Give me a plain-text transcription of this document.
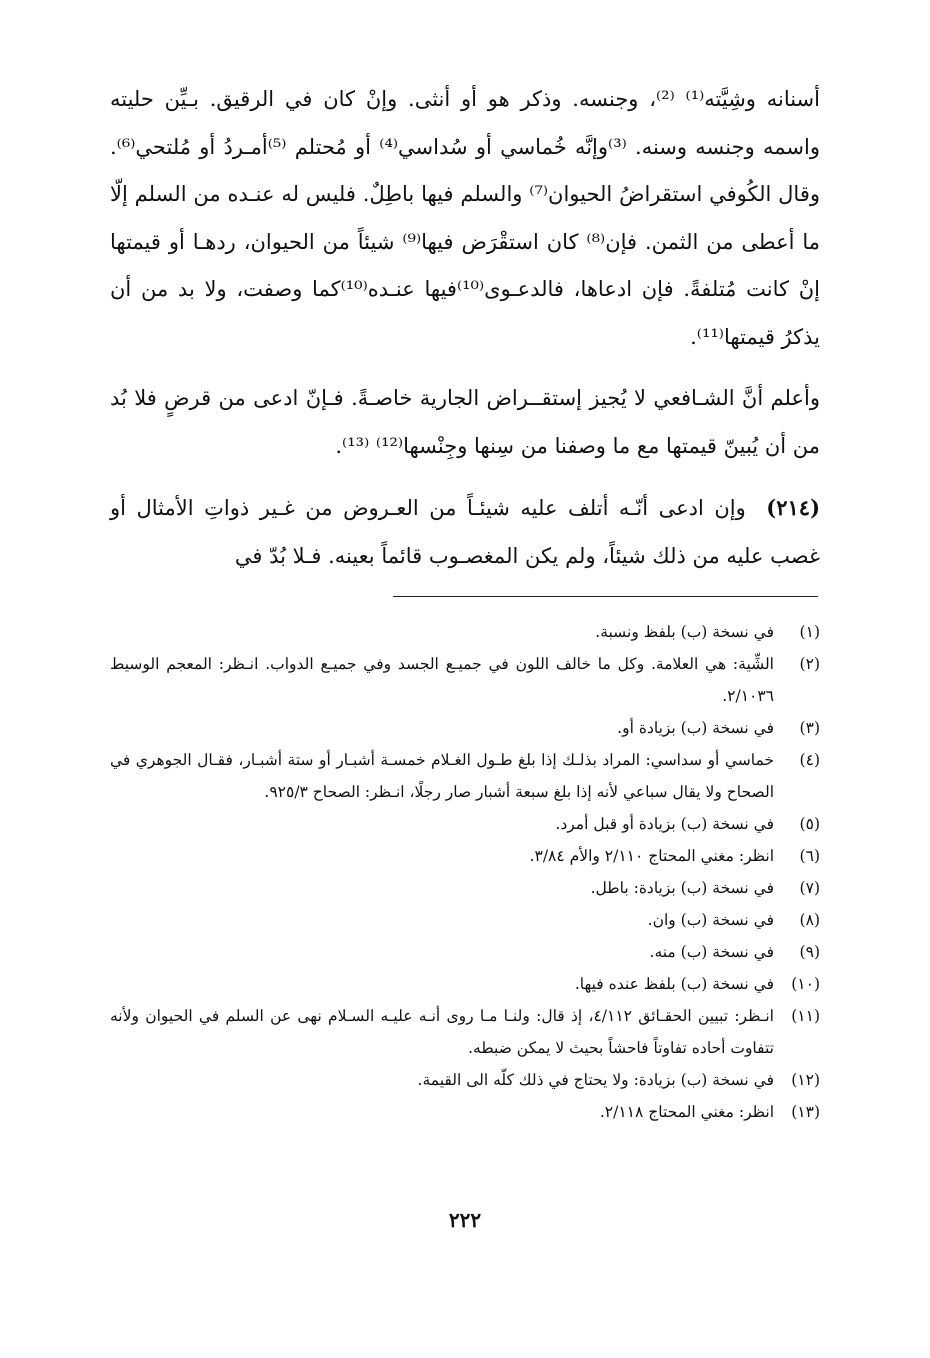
أسنانه وشِيَّته⁽¹⁾ ⁽²⁾، وجنسه. وذكر هو أو أنثى. وإنْ كان في الرقيق. بـيِّن حليته واسمه وجنسه وسنه. ⁽³⁾وإنَّه خُماسي أو سُداسي⁽⁴⁾ أو مُحتلم ⁽⁵⁾أمـردُ أو مُلتحي⁽⁶⁾. وقال الكُوفي استقراضُ الحيوان⁽⁷⁾ والسلم فيها باطِلٌ. فليس له عنـده من السلم إلّا ما أعطى من الثمن. فإن⁽⁸⁾ كان استقْرَض فيها⁽⁹⁾ شيئاً من الحيوان، ردهـا أو قيمتها إنْ كانت مُتلفةً. فإن ادعاها، فالدعـوى⁽¹⁰⁾فيها عنـده⁽¹⁰⁾كما وصفت، ولا بد من أن يذكرُ قيمتها⁽¹¹⁾.

وأعلم أنَّ الشـافعي لا يُجيز إستقــراض الجارية خاصـةً. فـإنّ ادعى من قرضٍ فلا بُد من أن يُبينّ قيمتها مع ما وصفنا من سِنها وجِنْسها⁽¹²⁾ ⁽¹³⁾.

(٢١٤) وإن ادعى أنّـه أتلف عليه شيئـاً من العـروض من غـير ذواتِ الأمثال أو غصب عليه من ذلك شيئاً، ولم يكن المغصـوب قائماً بعينه. فـلا بُدّ في

(١)
في نسخة (ب) بلفظ ونسبة.
(٢)
الشِّية: هي العلامة. وكل ما خالف اللون في جميـع الجسد وفي جميـع الدواب. انـظر: المعجم الوسيط ٢/١٠٣٦.
(٣)
في نسخة (ب) بزيادة أو.
(٤)
خماسي أو سداسي: المراد بذلـك إذا بلغ طـول الغـلام خمسـة أشبـار أو ستة أشبـار، فقـال الجوهري في الصحاح ولا يقال سباعي لأنه إذا بلغ سبعة أشبار صار رجلًا، انـظر: الصحاح ٩٢٥/٣.
(٥)
في نسخة (ب) بزيادة أو قبل أمرد.
(٦)
انظر: مغني المحتاج ٢/١١٠ والأم ٣/٨٤.
(٧)
في نسخة (ب) بزيادة: باطل.
(٨)
في نسخة (ب) وان.
(٩)
في نسخة (ب) منه.
(١٠)
في نسخة (ب) بلفظ عنده فيها.
(١١)
انـظر: تبيين الحقـائق ٤/١١٢، إذ قال: ولنـا مـا روى أنـه عليـه السـلام نهى عن السلم في الحيوان ولأنه تتفاوت أحاده تفاوتاً فاحشاً بحيث لا يمكن ضبطه.
(١٢)
في نسخة (ب) بزيادة: ولا يحتاج في ذلك كلّه الى القيمة.
(١٣)
انظر: مغني المحتاج ٢/١١٨.
٢٢٢
